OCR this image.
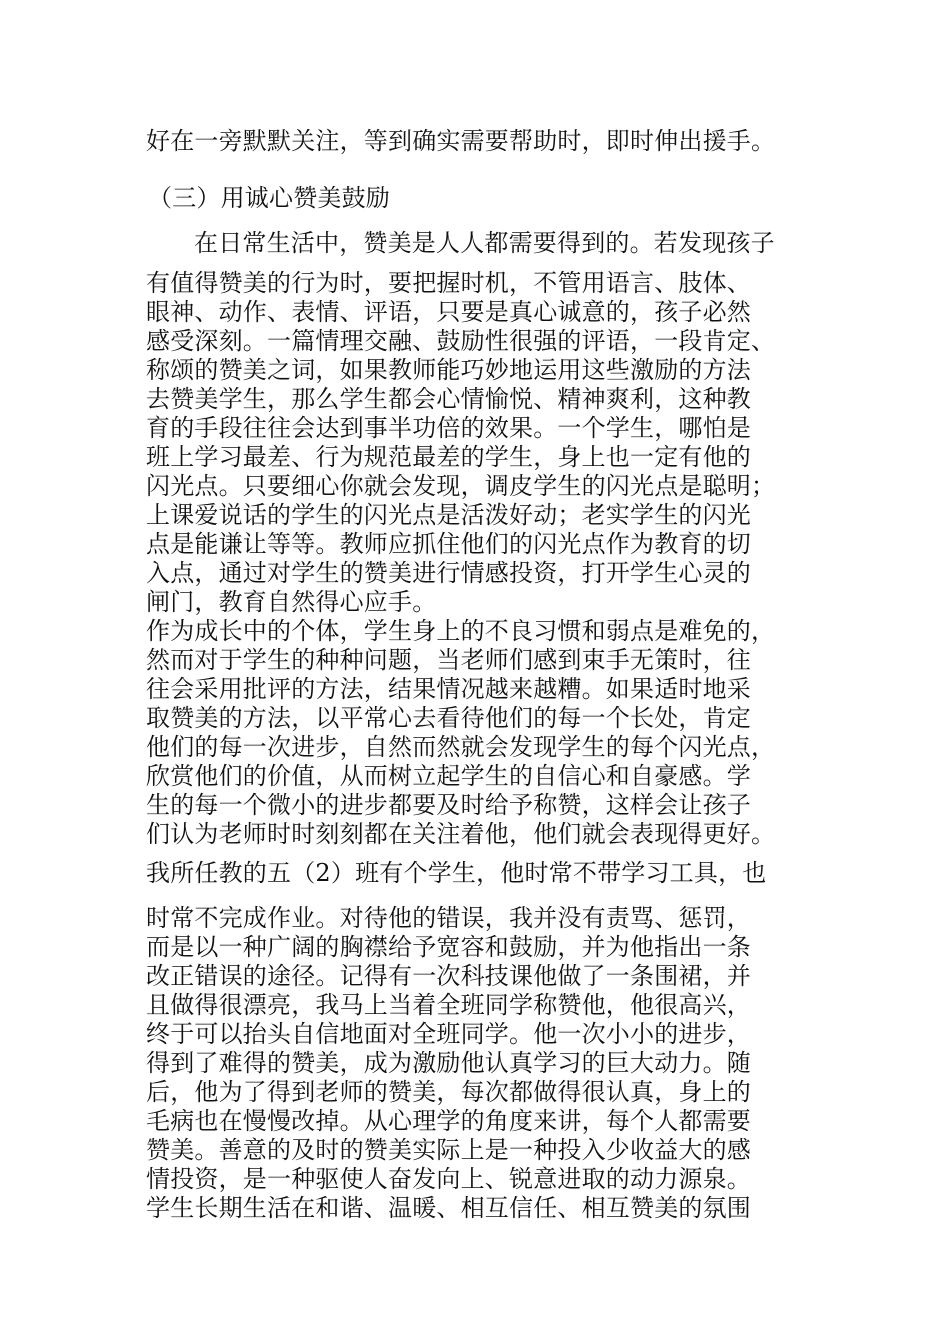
好在一旁默默关注，等到确实需要帮助时，即时伸出援手。
（三）用诚心赞美鼓励
在日常生活中，赞美是人人都需要得到的。若发现孩子
有值得赞美的行为时，要把握时机，不管用语言、肢体、
眼神、动作、表情、评语，只要是真心诚意的，孩子必然
感受深刻。一篇情理交融、鼓励性很强的评语，一段肯定、
称颂的赞美之词，如果教师能巧妙地运用这些激励的方法
去赞美学生，那么学生都会心情愉悦、精神爽利，这种教
育的手段往往会达到事半功倍的效果。一个学生，哪怕是
班上学习最差、行为规范最差的学生，身上也一定有他的
闪光点。只要细心你就会发现，调皮学生的闪光点是聪明；
上课爱说话的学生的闪光点是活泼好动；老实学生的闪光
点是能谦让等等。教师应抓住他们的闪光点作为教育的切
入点，通过对学生的赞美进行情感投资，打开学生心灵的
闸门，教育自然得心应手。
作为成长中的个体，学生身上的不良习惯和弱点是难免的，
然而对于学生的种种问题，当老师们感到束手无策时，往
往会采用批评的方法，结果情况越来越糟。如果适时地采
取赞美的方法，以平常心去看待他们的每一个长处，肯定
他们的每一次进步，自然而然就会发现学生的每个闪光点，
欣赏他们的价值，从而树立起学生的自信心和自豪感。学
生的每一个微小的进步都要及时给予称赞，这样会让孩子
们认为老师时时刻刻都在关注着他，他们就会表现得更好。
我所任教的五（2）班有个学生，他时常不带学习工具，也
时常不完成作业。对待他的错误，我并没有责骂、惩罚，
而是以一种广阔的胸襟给予宽容和鼓励，并为他指出一条
改正错误的途径。记得有一次科技课他做了一条围裙，并
且做得很漂亮，我马上当着全班同学称赞他，他很高兴，
终于可以抬头自信地面对全班同学。他一次小小的进步，
得到了难得的赞美，成为激励他认真学习的巨大动力。随
后，他为了得到老师的赞美，每次都做得很认真，身上的
毛病也在慢慢改掉。从心理学的角度来讲，每个人都需要
赞美。善意的及时的赞美实际上是一种投入少收益大的感
情投资，是一种驱使人奋发向上、锐意进取的动力源泉。
学生长期生活在和谐、温暖、相互信任、相互赞美的氛围
